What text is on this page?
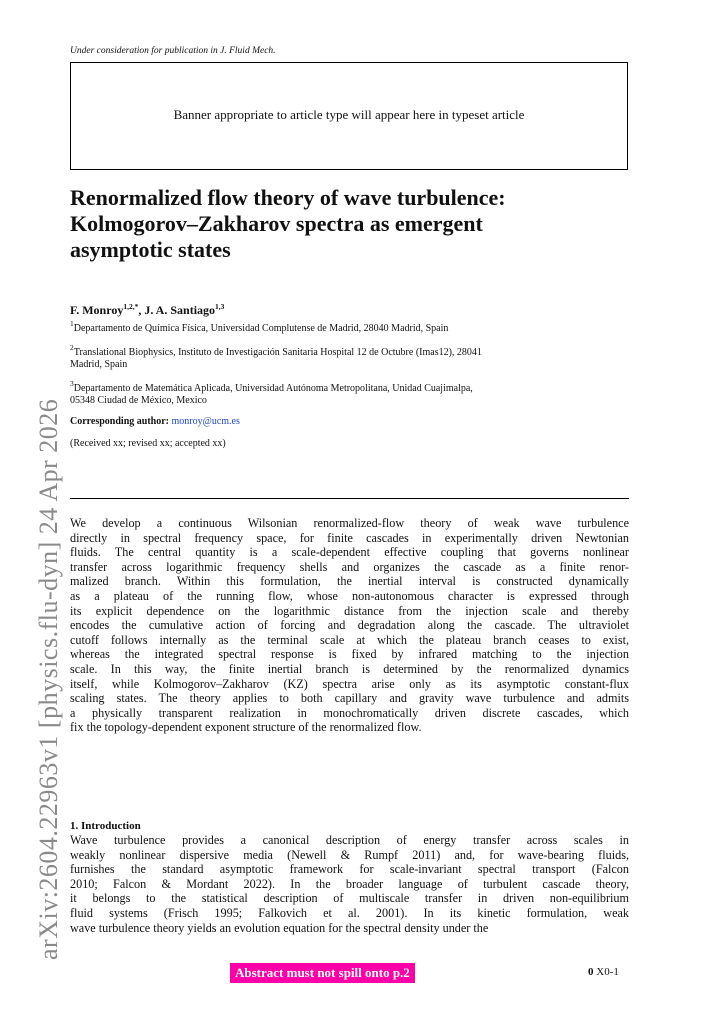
Under consideration for publication in J. Fluid Mech.
Banner appropriate to article type will appear here in typeset article
arXiv:2604.22963v1 [physics.flu-dyn] 24 Apr 2026
Renormalized flow theory of wave turbulence:
Kolmogorov–Zakharov spectra as emergent
asymptotic states
F. Monroy$^{1,2,*}$, J. A. Santiago$^{1,3}$
$^1$Departamento de Química Física, Universidad Complutense de Madrid, 28040 Madrid, Spain
$^2$Translational Biophysics, Instituto de Investigación Sanitaria Hospital 12 de Octubre (Imas12), 28041
Madrid, Spain
$^3$Departamento de Matemática Aplicada, Universidad Autónoma Metropolitana, Unidad Cuajimalpa,
05348 Ciudad de México, Mexico
Corresponding author: monroy@ucm.es
(Received xx; revised xx; accepted xx)
We develop a continuous Wilsonian renormalized-flow theory of weak wave turbulence
directly in spectral frequency space, for finite cascades in experimentally driven Newtonian
fluids. The central quantity is a scale-dependent effective coupling that governs nonlinear
transfer across logarithmic frequency shells and organizes the cascade as a finite renor-
malized branch. Within this formulation, the inertial interval is constructed dynamically
as a plateau of the running flow, whose non-autonomous character is expressed through
its explicit dependence on the logarithmic distance from the injection scale and thereby
encodes the cumulative action of forcing and degradation along the cascade. The ultraviolet
cutoff follows internally as the terminal scale at which the plateau branch ceases to exist,
whereas the integrated spectral response is fixed by infrared matching to the injection
scale. In this way, the finite inertial branch is determined by the renormalized dynamics
itself, while Kolmogorov–Zakharov (KZ) spectra arise only as its asymptotic constant-flux
scaling states. The theory applies to both capillary and gravity wave turbulence and admits
a physically transparent realization in monochromatically driven discrete cascades, which
fix the topology-dependent exponent structure of the renormalized flow.
1. Introduction
Wave turbulence provides a canonical description of energy transfer across scales in
weakly nonlinear dispersive media (Newell & Rumpf 2011) and, for wave-bearing fluids,
furnishes the standard asymptotic framework for scale-invariant spectral transport (Falcon
2010; Falcon & Mordant 2022). In the broader language of turbulent cascade theory,
it belongs to the statistical description of multiscale transfer in driven non-equilibrium
fluid systems (Frisch 1995; Falkovich et al. 2001). In its kinetic formulation, weak
wave turbulence theory yields an evolution equation for the spectral density under the
Abstract must not spill onto p.2	0 X0-1
